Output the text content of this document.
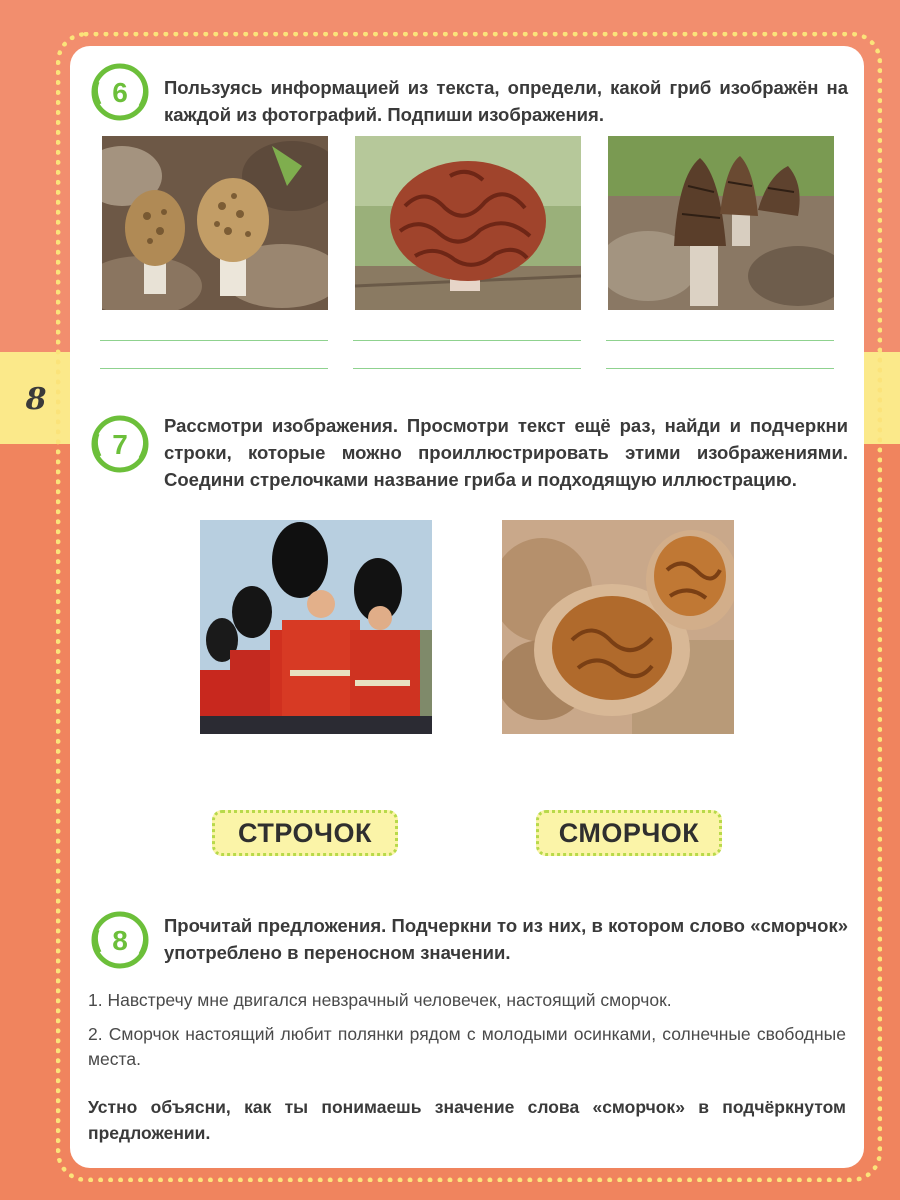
8
6 Пользуясь информацией из текста, определи, какой гриб изображён на каждой из фотографий. Подпиши изображения.
7
Рассмотри изображения. Просмотри текст ещё раз, найди и подчеркни строки, которые можно проиллюстрировать этими изображениями. Соедини стрелочками название гриба и подходящую иллюстрацию.
СТРОЧОК	СМОРЧОК
8 Прочитай предложения. Подчеркни то из них, в котором слово «сморчок» употреблено в переносном значении.
1. Навстречу мне двигался невзрачный человечек, настоящий сморчок.
2. Сморчок настоящий любит полянки рядом с молодыми осинками, солнечные свободные места.
Устно объясни, как ты понимаешь значение слова «сморчок» в подчёркнутом предложении.
